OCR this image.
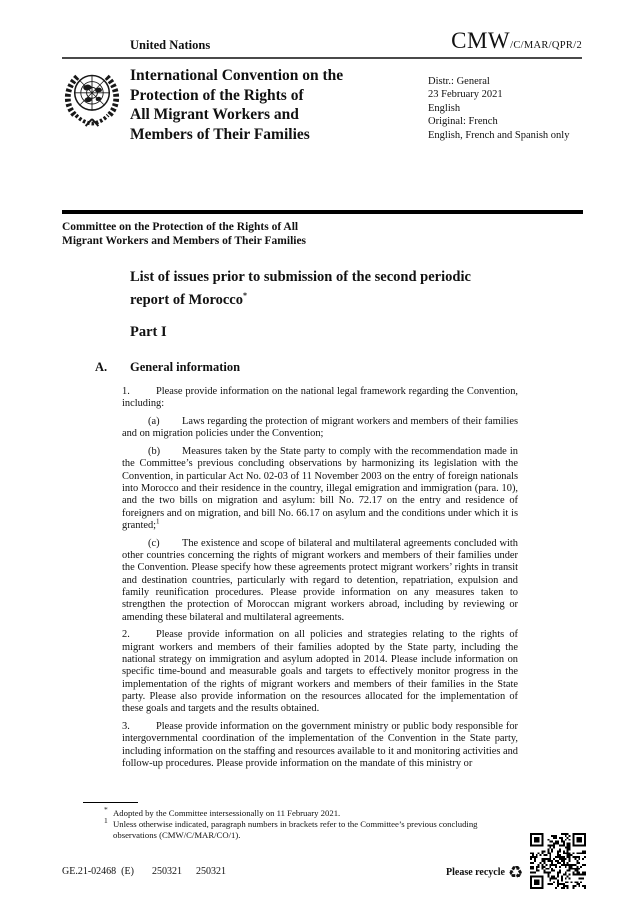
United Nations	CMW/C/MAR/QPR/2
International Convention on the
Protection of the Rights of
All Migrant Workers and
Members of Their Families
Distr.: General
23 February 2021
English
Original: French
English, French and Spanish only
Committee on the Protection of the Rights of All
Migrant Workers and Members of Their Families
List of issues prior to submission of the second periodic
report of Morocco*
Part I
A. General information

1.	Please provide information on the national legal framework regarding the Convention, including:

(a) Laws regarding the protection of migrant workers and members of their families and on migration policies under the Convention;

(b) Measures taken by the State party to comply with the recommendation made in the Committee’s previous concluding observations by harmonizing its legislation with the Convention, in particular Act No. 02-03 of 11 November 2003 on the entry of foreign nationals into Morocco and their residence in the country, illegal emigration and immigration (para. 10), and the two bills on migration and asylum: bill No. 72.17 on the entry and residence of foreigners and on migration, and bill No. 66.17 on asylum and the conditions under which it is granted;$^1$

(c) The existence and scope of bilateral and multilateral agreements concluded with other countries concerning the rights of migrant workers and members of their families under the Convention. Please specify how these agreements protect migrant workers’ rights in transit and destination countries, particularly with regard to detention, repatriation, expulsion and family reunification procedures. Please provide information on any measures taken to strengthen the protection of Moroccan migrant workers abroad, including by reviewing or amending these bilateral and multilateral agreements.

2.	Please provide information on all policies and strategies relating to the rights of migrant workers and members of their families adopted by the State party, including the national strategy on immigration and asylum adopted in 2014. Please include information on specific time-bound and measurable goals and targets to effectively monitor progress in the implementation of the rights of migrant workers and members of their families in the State party. Please also provide information on the resources allocated for the implementation of these goals and targets and the results obtained.

3.	Please provide information on the government ministry or public body responsible for intergovernmental coordination of the implementation of the Convention in the State party, including information on the staffing and resources available to it and monitoring activities and follow-up procedures. Please provide information on the mandate of this ministry or

* Adopted by the Committee intersessionally on 11 February 2021.
1 Unless otherwise indicated, paragraph numbers in brackets refer to the Committee’s previous concluding observations (CMW/C/MAR/CO/1).
GE.21-02468  (E) 250321 250321	Please recycle ♻
